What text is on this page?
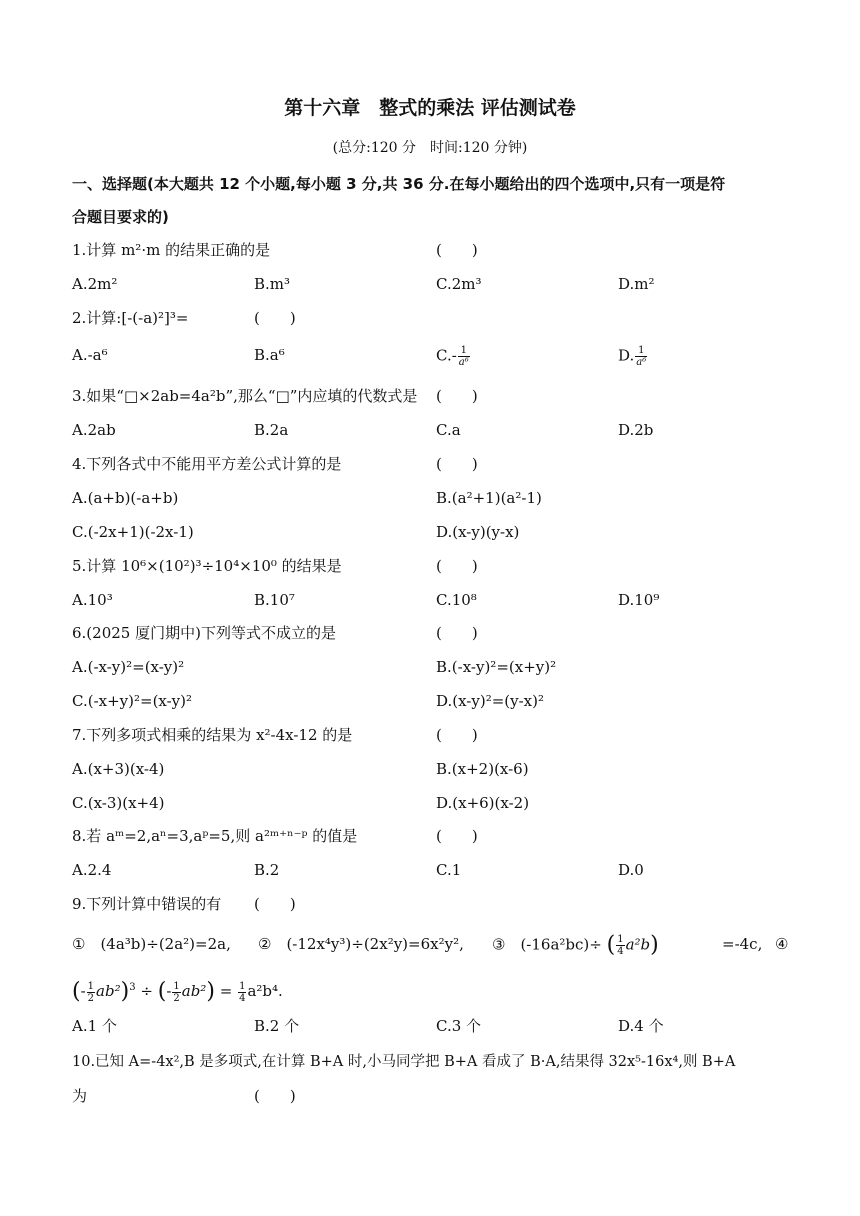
第十六章　整式的乘法 评估测试卷
(总分:120 分　时间:120 分钟)
一、选择题(本大题共 12 个小题,每小题 3 分,共 36 分.在每小题给出的四个选项中,只有一项是符
合题目要求的)
1.计算 m²·m 的结果正确的是	(　　)
A.2m²	B.m³	C.2m³	D.m²
2.计算:[-(-a)²]³=	(　　)
A.-a⁶	B.a⁶	$C.- \frac{1}{\text{a⁶}}$	D. $\frac{1}{\text{a⁶}}$
3.如果“□×2ab=4a²b”,那么“□”内应填的代数式是 (　　)
A.2ab	B.2a	C.a	D.2b
4.下列各式中不能用平方差公式计算的是	(　　)
A.(a+b)(-a+b)	B.(a²+1)(a²-1)
C.(-2x+1)(-2x-1)	D.(x-y)(y-x)
5.计算 10⁶×(10²)³÷10⁴×10⁰ 的结果是	(　　)
A.10³	B.10⁷	C.10⁸	D.10⁹
6.(2025 厦门期中)下列等式不成立的是	(　　)
A.(-x-y)²=(x-y)²	B.(-x-y)²=(x+y)²
C.(-x+y)²=(x-y)²	D.(x-y)²=(y-x)²
7.下列多项式相乘的结果为 x²-4x-12 的是	(　　)
A.(x+3)(x-4)	B.(x+2)(x-6)
C.(x-3)(x+4)	D.(x+6)(x-2)
8.若 aᵐ=2,aⁿ=3,aᵖ=5,则 a²ᵐ⁺ⁿ⁻ᵖ 的值是	(　　)
A.2.4	B.2	C.1	D.0
9.下列计算中错误的有 (　　)
①　(4a³b)÷(2a²)=2a, ②　(-12x⁴y³)÷(2x²y)=6x²y², ③　(-16a²bc)÷ ( $\frac{1}{4} a^2b$)	=-4c, ④
(- $\frac{1}{2} ab^2)^3$ ÷ (- $\frac{1}{2} ab^2) = \frac{1}{4} a^2b^4$.
A.1 个	B.2 个	C.3 个	D.4 个
10.已知 A=-4x²,B 是多项式,在计算 B+A 时,小马同学把 B+A 看成了 B·A,结果得 32x⁵-16x⁴,则 B+A
为	(　　)
